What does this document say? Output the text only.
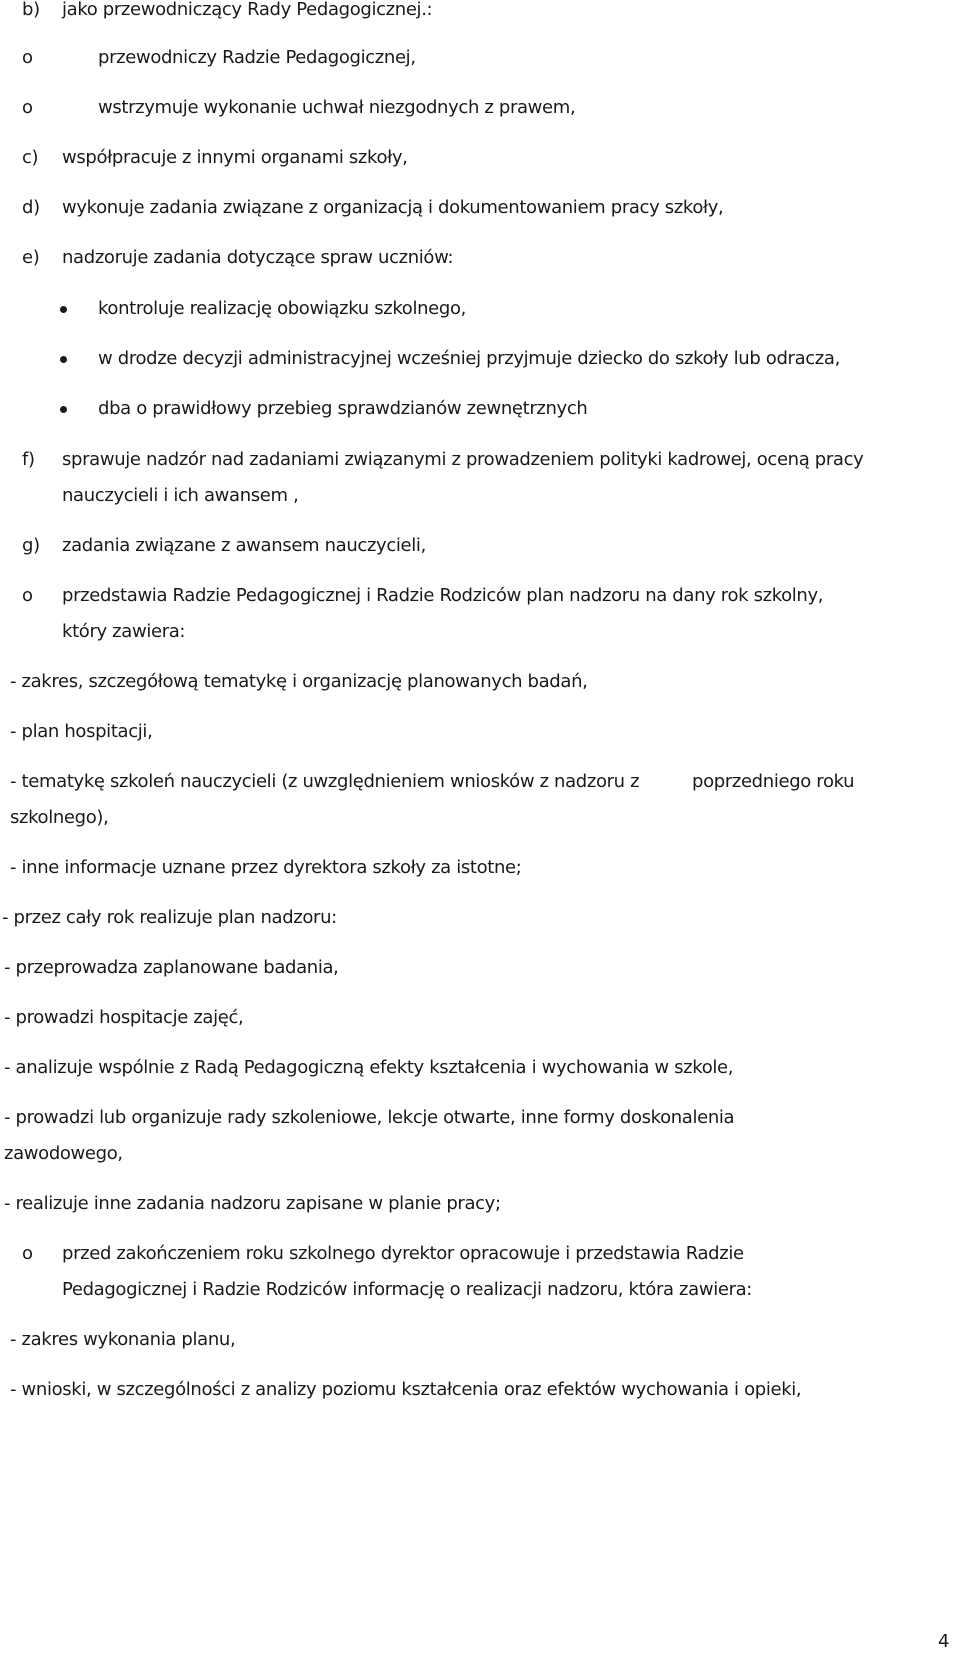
b) jako przewodniczący Rady Pedagogicznej.:
o	przewodniczy Radzie Pedagogicznej,
o	wstrzymuje wykonanie uchwał niezgodnych z prawem,
c) współpracuje z innymi organami szkoły,
d) wykonuje zadania związane z organizacją i dokumentowaniem pracy szkoły,
e) nadzoruje zadania dotyczące spraw uczniów:
kontroluje realizację obowiązku szkolnego,
w drodze decyzji administracyjnej wcześniej przyjmuje dziecko do szkoły lub odracza,
dba o prawidłowy przebieg sprawdzianów zewnętrznych
f) sprawuje nadzór nad zadaniami związanymi z prowadzeniem polityki kadrowej, oceną pracy
nauczycieli i ich awansem ,
g) zadania związane z awansem nauczycieli,
o przedstawia Radzie Pedagogicznej i Radzie Rodziców plan nadzoru na dany rok szkolny,
który zawiera:
- zakres, szczegółową tematykę i organizację planowanych badań,
- plan hospitacji,
- tematykę szkoleń nauczycieli (z uwzględnieniem wniosków z nadzoru z	poprzedniego roku
szkolnego),
- inne informacje uznane przez dyrektora szkoły za istotne;
- przez cały rok realizuje plan nadzoru:
- przeprowadza zaplanowane badania,
- prowadzi hospitacje zajęć,
- analizuje wspólnie z Radą Pedagogiczną efekty kształcenia i wychowania w szkole,
- prowadzi lub organizuje rady szkoleniowe, lekcje otwarte, inne formy doskonalenia
zawodowego,
- realizuje inne zadania nadzoru zapisane w planie pracy;
o przed zakończeniem roku szkolnego dyrektor opracowuje i przedstawia Radzie
Pedagogicznej i Radzie Rodziców informację o realizacji nadzoru, która zawiera:
- zakres wykonania planu,
- wnioski, w szczególności z analizy poziomu kształcenia oraz efektów wychowania i opieki,
4
